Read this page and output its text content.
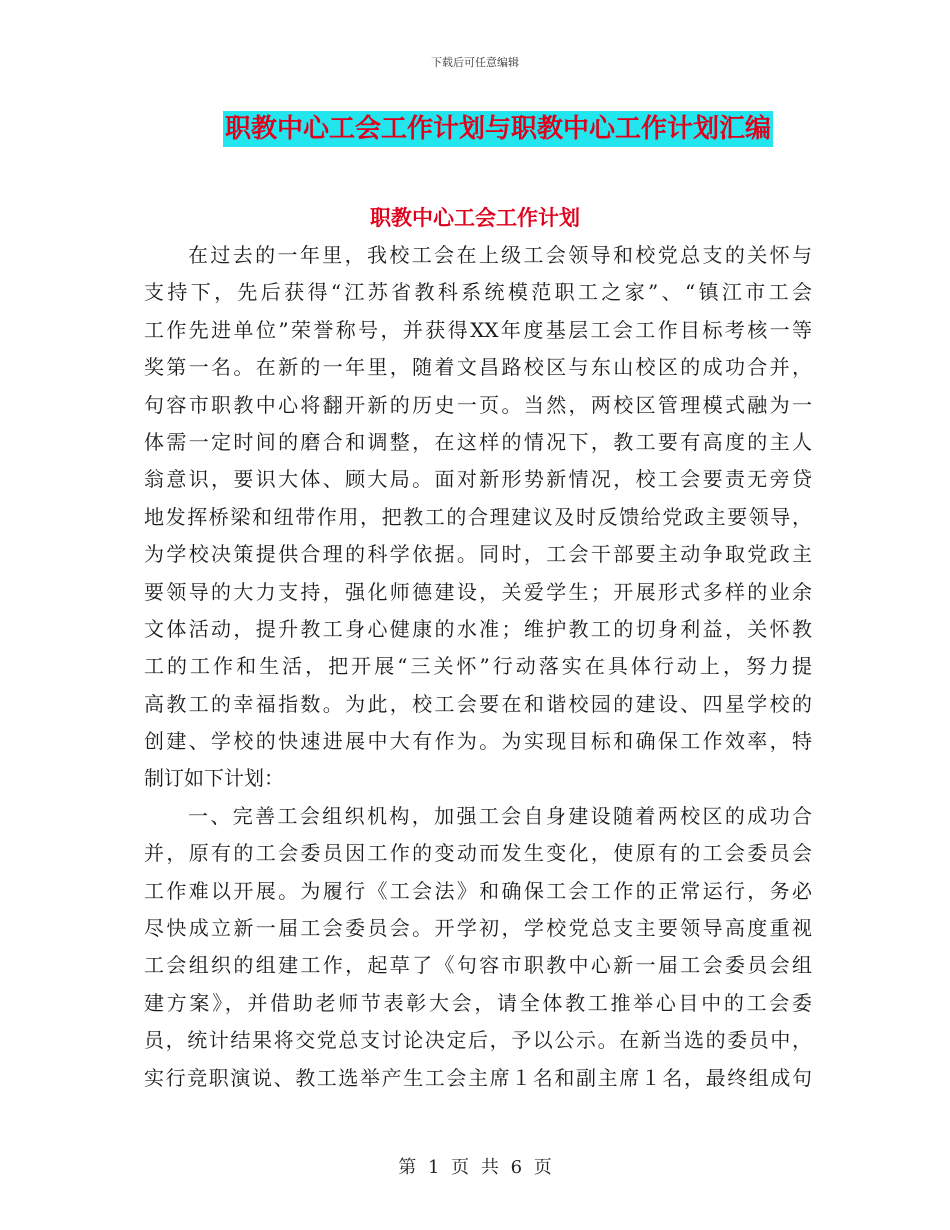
下载后可任意编辑
职教中心工会工作计划与职教中心工作计划汇编
职教中心工会工作计划
在过去的一年里，我校工会在上级工会领导和校党总支的关怀与
支持下，先后获得“江苏省教科系统模范职工之家”、“镇江市工会
工作先进单位”荣誉称号，并获得XX年度基层工会工作目标考核一等
奖第一名。在新的一年里，随着文昌路校区与东山校区的成功合并，
句容市职教中心将翻开新的历史一页。当然，两校区管理模式融为一
体需一定时间的磨合和调整，在这样的情况下，教工要有高度的主人
翁意识，要识大体、顾大局。面对新形势新情况，校工会要责无旁贷
地发挥桥梁和纽带作用，把教工的合理建议及时反馈给党政主要领导，
为学校决策提供合理的科学依据。同时，工会干部要主动争取党政主
要领导的大力支持，强化师德建设，关爱学生；开展形式多样的业余
文体活动，提升教工身心健康的水准；维护教工的切身利益，关怀教
工的工作和生活，把开展“三关怀”行动落实在具体行动上，努力提
高教工的幸福指数。为此，校工会要在和谐校园的建设、四星学校的
创建、学校的快速进展中大有作为。为实现目标和确保工作效率，特
制订如下计划：
一、完善工会组织机构，加强工会自身建设随着两校区的成功合
并，原有的工会委员因工作的变动而发生变化，使原有的工会委员会
工作难以开展。为履行《工会法》和确保工会工作的正常运行，务必
尽快成立新一届工会委员会。开学初，学校党总支主要领导高度重视
工会组织的组建工作，起草了《句容市职教中心新一届工会委员会组
建方案》，并借助老师节表彰大会，请全体教工推举心目中的工会委
员，统计结果将交党总支讨论决定后，予以公示。在新当选的委员中，
实行竞职演说、教工选举产生工会主席１名和副主席１名，最终组成句
第 1 页 共 6 页
